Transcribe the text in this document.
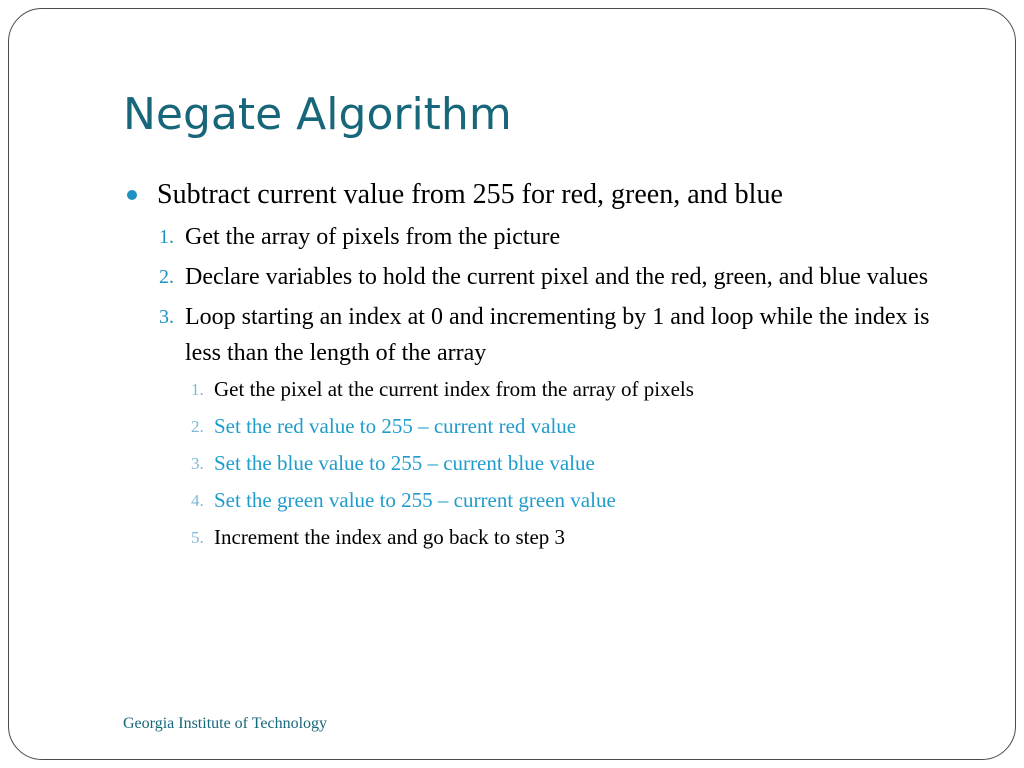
Negate Algorithm
Subtract current value from 255 for red, green, and blue
1. Get the array of pixels from the picture
2. Declare variables to hold the current pixel and the red, green, and blue values
3. Loop starting an index at 0 and incrementing by 1 and loop while the index is less than the length of the array
1. Get the pixel at the current index from the array of pixels
2. Set the red value to 255 – current red value
3. Set the blue value to 255 – current blue value
4. Set the green value to 255 – current green value
5. Increment the index and go back to step 3
Georgia Institute of Technology
